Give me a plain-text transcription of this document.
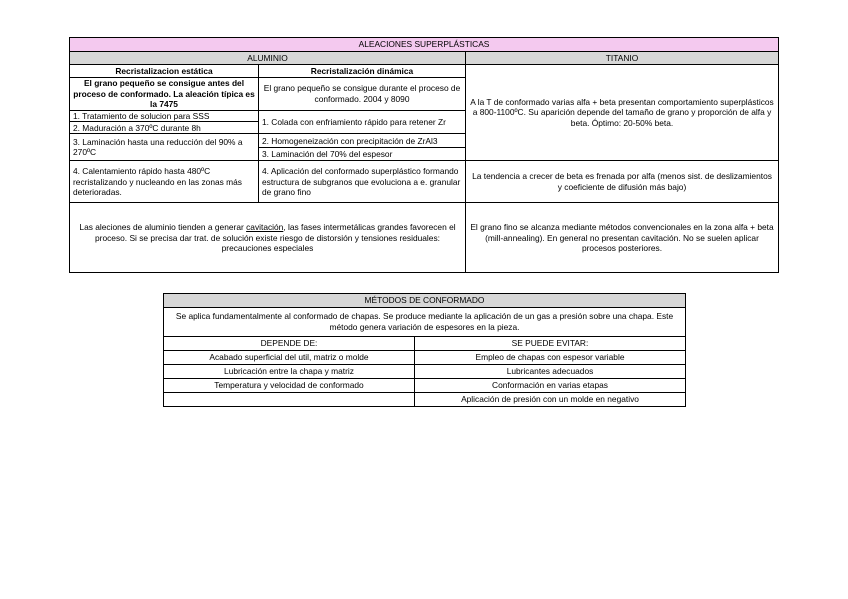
ALEACIONES SUPERPLÁSTICAS		
ALUMINIO		TITANIO
Recristalizacion estática	Recristalización dinámica	A la T de conformado varias alfa + beta presentan comportamiento superplásticos a 800-1100ºC. Su aparición depende del tamaño de grano y proporción de alfa y beta. Óptimo: 20-50% beta.
El grano pequeño se consigue antes del proceso de conformado. La aleación típica es la 7475	El grano pequeño se consigue durante el proceso de conformado. 2004 y 8090	
1. Tratamiento de solucion para SSS	1. Colada con enfriamiento rápido para retener Zr	
2. Maduración a 370ºC durante 8h		
3. Laminación hasta una reducción del 90% a 270ºC	2. Homogeneización con precipitación de ZrAl3	
	3. Laminación del 70% del espesor	
4. Calentamiento rápido hasta 480ºC recristalizando y nucleando en las zonas más deterioradas.	4. Aplicación del conformado superplástico formando estructura de subgranos que evoluciona a e. granular de grano fino	La tendencia a crecer de beta es frenada por alfa (menos sist. de deslizamientos y coeficiente de difusión más bajo)
Las aleciones de aluminio tienden a generar cavitación, las fases intermetálicas grandes favorecen el proceso. Si se precisa dar trat. de solución existe riesgo de distorsión y tensiones residuales: precauciones especiales		El grano fino se alcanza mediante métodos convencionales en la zona alfa + beta (mill-annealing). En general no presentan cavitación. No se suelen aplicar procesos posteriores.
MÉTODOS DE CONFORMADO	
Se aplica fundamentalmente al conformado de chapas. Se produce mediante la aplicación de un gas a presión sobre una chapa. Este método genera variación de espesores en la pieza.	
DEPENDE DE:	SE PUEDE EVITAR:
Acabado superficial del util, matriz o molde	Empleo de chapas con espesor variable
Lubricación entre la chapa y matriz	Lubricantes adecuados
Temperatura y velocidad de conformado	Conformación en varias etapas
	Aplicación de presión con un molde en negativo
